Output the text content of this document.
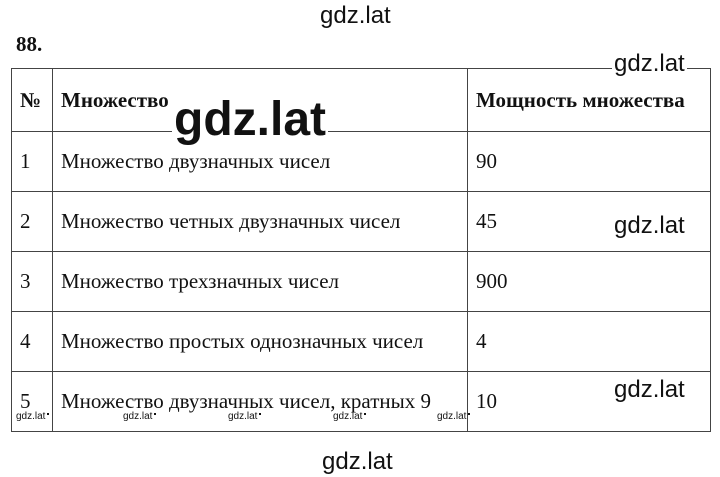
gdz.lat
88.
№	Множество	Мощность множества
1	Множество двузначных чисел	90
2	Множество четных двузначных чисел	45
3	Множество трехзначных чисел	900
4	Множество простых однозначных чисел	4
5	Множество двузначных чисел, кратных 9	10
gdz.lat
gdz.lat
gdz.lat
gdz.lat
gdz.lat	gdz.lat	gdz.lat	gdz.lat	gdz.lat
gdz.lat
